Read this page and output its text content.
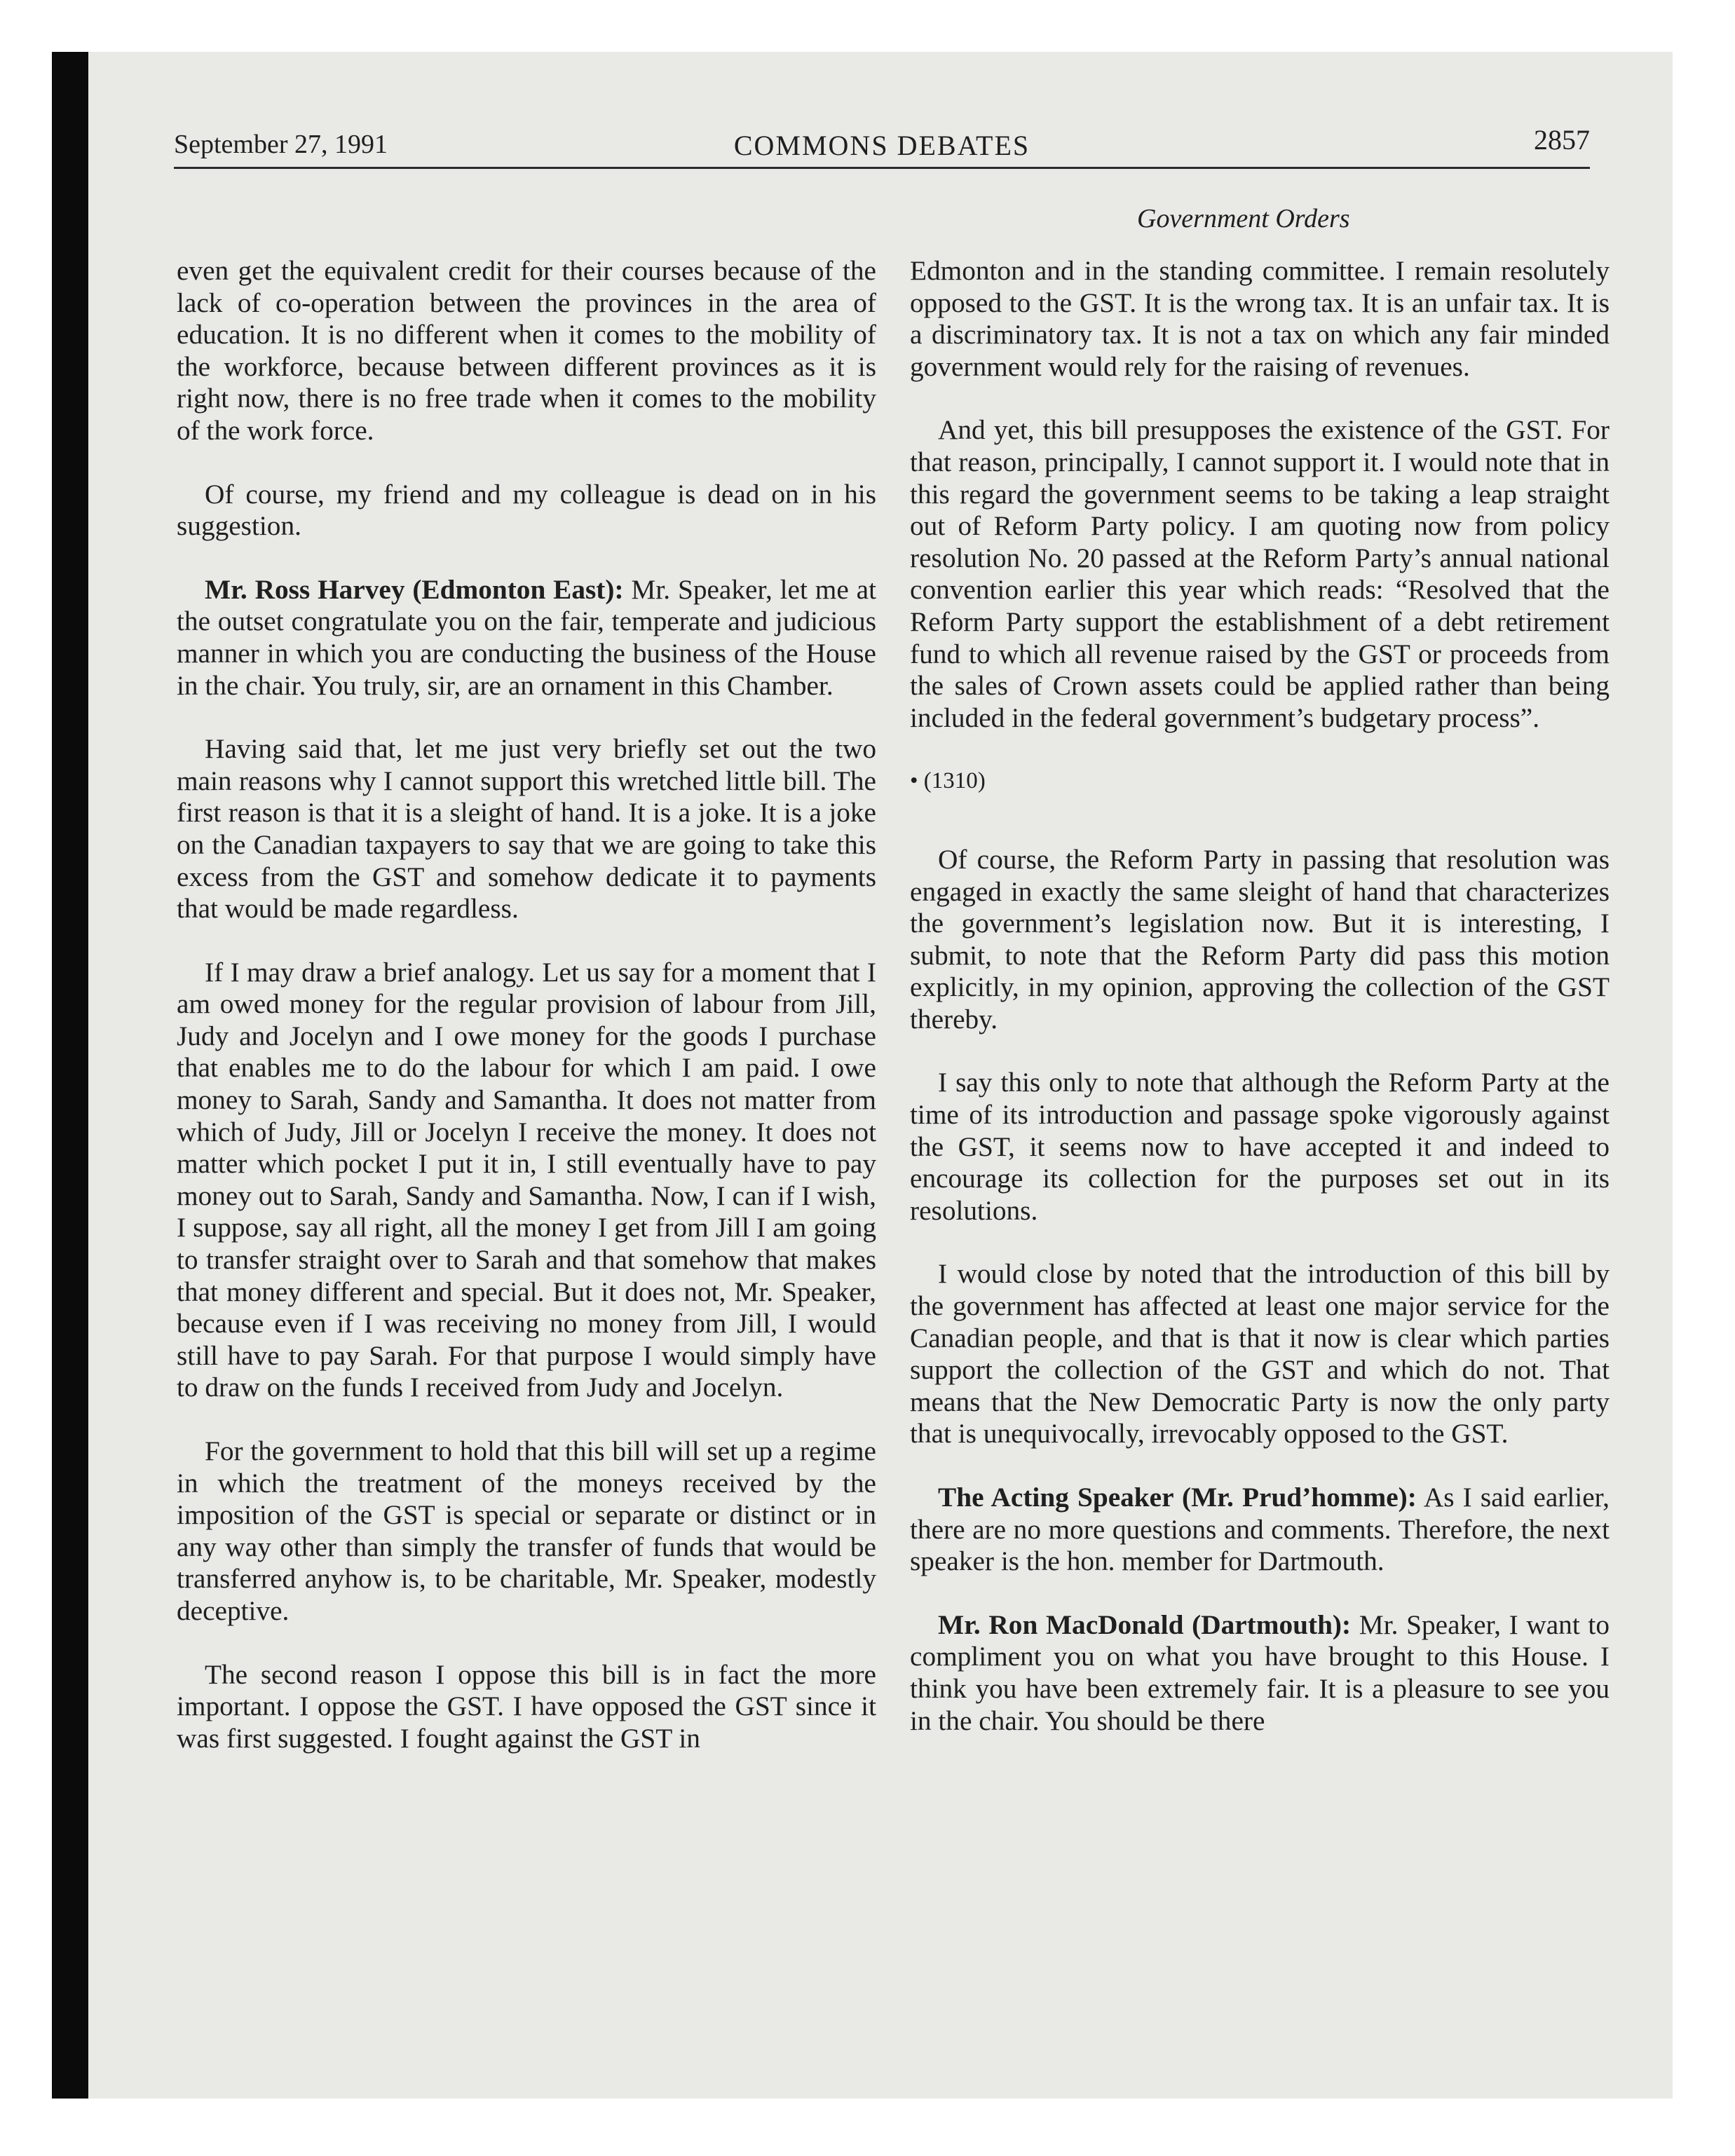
September 27, 1991	COMMONS DEBATES	2857
Government Orders

even get the equivalent credit for their courses because of the lack of co-operation between the provinces in the area of education. It is no different when it comes to the mobility of the workforce, because between different provinces as it is right now, there is no free trade when it comes to the mobility of the work force.

Of course, my friend and my colleague is dead on in his suggestion.

Mr. Ross Harvey (Edmonton East): Mr. Speaker, let me at the outset congratulate you on the fair, temperate and judicious manner in which you are conducting the business of the House in the chair. You truly, sir, are an ornament in this Chamber.

Having said that, let me just very briefly set out the two main reasons why I cannot support this wretched little bill. The first reason is that it is a sleight of hand. It is a joke. It is a joke on the Canadian taxpayers to say that we are going to take this excess from the GST and somehow dedicate it to payments that would be made regardless.

If I may draw a brief analogy. Let us say for a moment that I am owed money for the regular provision of labour from Jill, Judy and Jocelyn and I owe money for the goods I purchase that enables me to do the labour for which I am paid. I owe money to Sarah, Sandy and Samantha. It does not matter from which of Judy, Jill or Jocelyn I receive the money. It does not matter which pocket I put it in, I still eventually have to pay money out to Sarah, Sandy and Samantha. Now, I can if I wish, I suppose, say all right, all the money I get from Jill I am going to transfer straight over to Sarah and that somehow that makes that money different and special. But it does not, Mr. Speaker, because even if I was receiving no money from Jill, I would still have to pay Sarah. For that purpose I would simply have to draw on the funds I received from Judy and Jocelyn.

For the government to hold that this bill will set up a regime in which the treatment of the moneys received by the imposition of the GST is special or separate or distinct or in any way other than simply the transfer of funds that would be transferred anyhow is, to be charitable, Mr. Speaker, modestly deceptive.

The second reason I oppose this bill is in fact the more important. I oppose the GST. I have opposed the GST since it was first suggested. I fought against the GST in

Edmonton and in the standing committee. I remain resolutely opposed to the GST. It is the wrong tax. It is an unfair tax. It is a discriminatory tax. It is not a tax on which any fair minded government would rely for the raising of revenues.

And yet, this bill presupposes the existence of the GST. For that reason, principally, I cannot support it. I would note that in this regard the government seems to be taking a leap straight out of Reform Party policy. I am quoting now from policy resolution No. 20 passed at the Reform Party’s annual national convention earlier this year which reads: “Resolved that the Reform Party support the establishment of a debt retirement fund to which all revenue raised by the GST or proceeds from the sales of Crown assets could be applied rather than being included in the federal government’s budgetary process”.

• (1310)

Of course, the Reform Party in passing that resolution was engaged in exactly the same sleight of hand that characterizes the government’s legislation now. But it is interesting, I submit, to note that the Reform Party did pass this motion explicitly, in my opinion, approving the collection of the GST thereby.

I say this only to note that although the Reform Party at the time of its introduction and passage spoke vigorously against the GST, it seems now to have accepted it and indeed to encourage its collection for the purposes set out in its resolutions.

I would close by noted that the introduction of this bill by the government has affected at least one major service for the Canadian people, and that is that it now is clear which parties support the collection of the GST and which do not. That means that the New Democratic Party is now the only party that is unequivocally, irrevocably opposed to the GST.

The Acting Speaker (Mr. Prud’homme): As I said earlier, there are no more questions and comments. Therefore, the next speaker is the hon. member for Dartmouth.

Mr. Ron MacDonald (Dartmouth): Mr. Speaker, I want to compliment you on what you have brought to this House. I think you have been extremely fair. It is a pleasure to see you in the chair. You should be there
